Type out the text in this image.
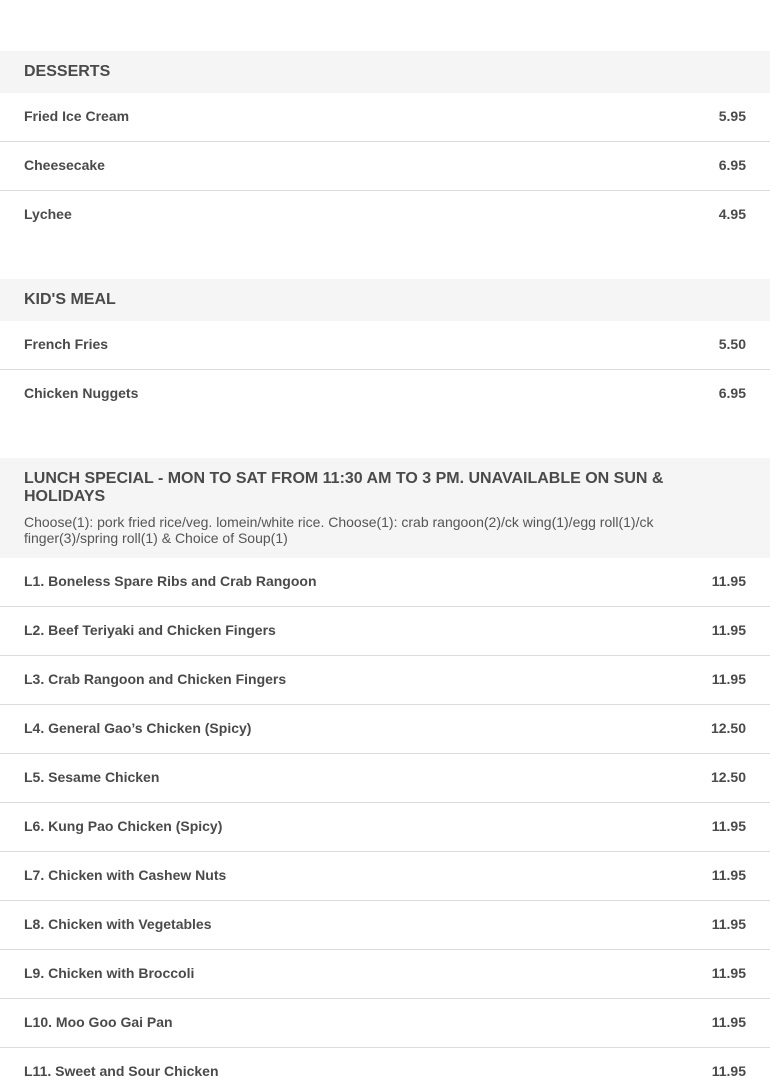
DESSERTS
Fried Ice Cream	5.95
Cheesecake	6.95
Lychee	4.95
KID'S MEAL
French Fries	5.50
Chicken Nuggets	6.95
LUNCH SPECIAL - MON TO SAT FROM 11:30 AM TO 3 PM. UNAVAILABLE ON SUN & HOLIDAYS
Choose(1): pork fried rice/veg. lomein/white rice. Choose(1): crab rangoon(2)/ck wing(1)/egg roll(1)/ck finger(3)/spring roll(1) & Choice of Soup(1)
L1. Boneless Spare Ribs and Crab Rangoon	11.95
L2. Beef Teriyaki and Chicken Fingers	11.95
L3. Crab Rangoon and Chicken Fingers	11.95
L4. General Gao’s Chicken (Spicy)	12.50
L5. Sesame Chicken	12.50
L6. Kung Pao Chicken (Spicy)	11.95
L7. Chicken with Cashew Nuts	11.95
L8. Chicken with Vegetables	11.95
L9. Chicken with Broccoli	11.95
L10. Moo Goo Gai Pan	11.95
L11. Sweet and Sour Chicken	11.95
